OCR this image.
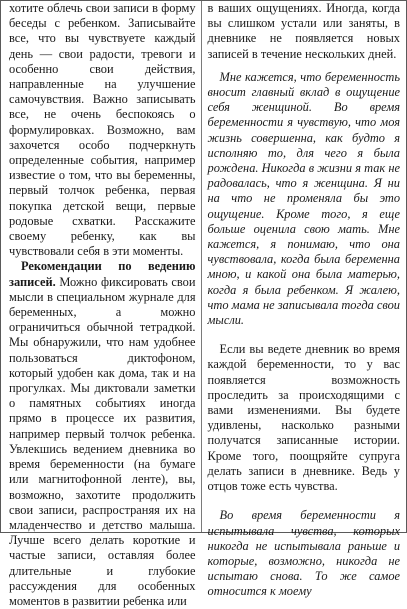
хотите облечь свои записи в форму беседы с ребенком. Записывайте все, что вы чувствуете каждый день — свои радости, тревоги и особенно свои действия, направленные на улучшение самочувствия. Важно записывать все, не очень беспокоясь о формулировках. Возможно, вам захочется особо подчеркнуть определенные события, например известие о том, что вы беременны, первый толчок ребенка, первая покупка детской вещи, первые родовые схватки. Расскажите своему ребенку, как вы чувствовали себя в эти моменты.

Рекомендации по ведению записей. Можно фиксировать свои мысли в специальном журнале для беременных, а можно ограничиться обычной тетрадкой. Мы обнаружили, что нам удобнее пользоваться диктофоном, который удобен как дома, так и на прогулках. Мы диктовали заметки о памятных событиях иногда прямо в процессе их развития, например первый толчок ребенка. Увлекшись ведением дневника во время беременности (на бумаге или магнитофонной ленте), вы, возможно, захотите продолжить свои записи, распространяя их на младенчество и детство малыша. Лучше всего делать короткие и частые записи, оставляя более длительные и глубокие рассуждения для особенных моментов в развитии ребенка или

в ваших ощущениях. Иногда, когда вы слишком устали или заняты, в дневнике не появляется новых записей в течение нескольких дней.

Мне кажется, что беременность вносит главный вклад в ощущение себя женщиной. Во время беременности я чувствую, что моя жизнь совершенна, как будто я исполняю то, для чего я была рождена. Никогда в жизни я так не радовалась, что я женщина. Я ни на что не променяла бы это ощущение. Кроме того, я еще больше оценила свою мать. Мне кажется, я понимаю, что она чувствовала, когда была беременна мною, и какой она была матерью, когда я была ребенком. Я жалею, что мама не записывала тогда свои мысли.

Если вы ведете дневник во время каждой беременности, то у вас появляется возможность проследить за происходящими с вами изменениями. Вы будете удивлены, насколько разными получатся записанные истории. Кроме того, поощряйте супруга делать записи в дневнике. Ведь у отцов тоже есть чувства.

Во время беременности я испытывала чувства, которых никогда не испытывала раньше и которые, возможно, никогда не испытаю снова. То же самое относится к моему
